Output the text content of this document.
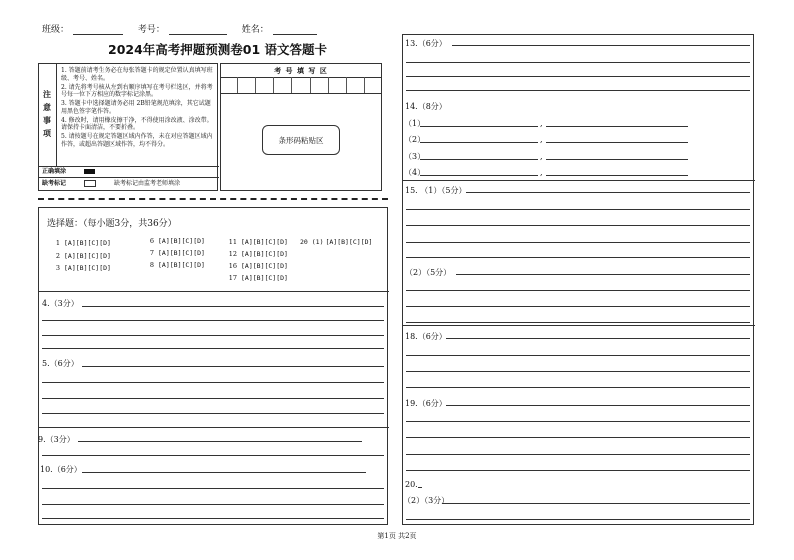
班级：	考号：	姓名：
2024年高考押题预测卷01 语文答题卡
注意事项
1. 答题前请考生务必在每张答题卡的规定位置认真填写班级、考号、姓名。
2. 请先将考号核从左到右顺序填写在考号栏选区，并将考号每一位下方相应的数字标记涂黑。
3. 答题卡中选择题请务必用 2B铅笔规范填涂，其它试题用黑色签字笔作答。
4. 修改时，请用橡皮擦干净，不得使用涂改液、涂改带。请保持卡面清洁，不要折叠。
5. 请按题号在规定答题区域内作答，未在对应答题区域内作答，或超出答题区域作答，均不得分。
正确填涂
缺考标记	缺考标记由监考老师填涂
考 号 填 写 区
条形码粘贴区
选择题：（每小题3分，共36分）
1 [A][B][C][D]
2 [A][B][C][D]
3 [A][B][C][D]
6 [A][B][C][D]
7 [A][B][C][D]
8 [A][B][C][D]
11 [A][B][C][D]
12 [A][B][C][D]
16 [A][B][C][D]
17 [A][B][C][D]
20 (1) [A][B][C][D]
4.（3分）
5.（6分）
9.（3分）
10.（6分）
13.（6分）
14.（8分）
（1）	,
（2）	,
（3）	,
（4）	,
15. （1）（5分）
（2）（5分）
18.（6分）
19.（6分）
20.
（2）（3分）
第1页 共2页
